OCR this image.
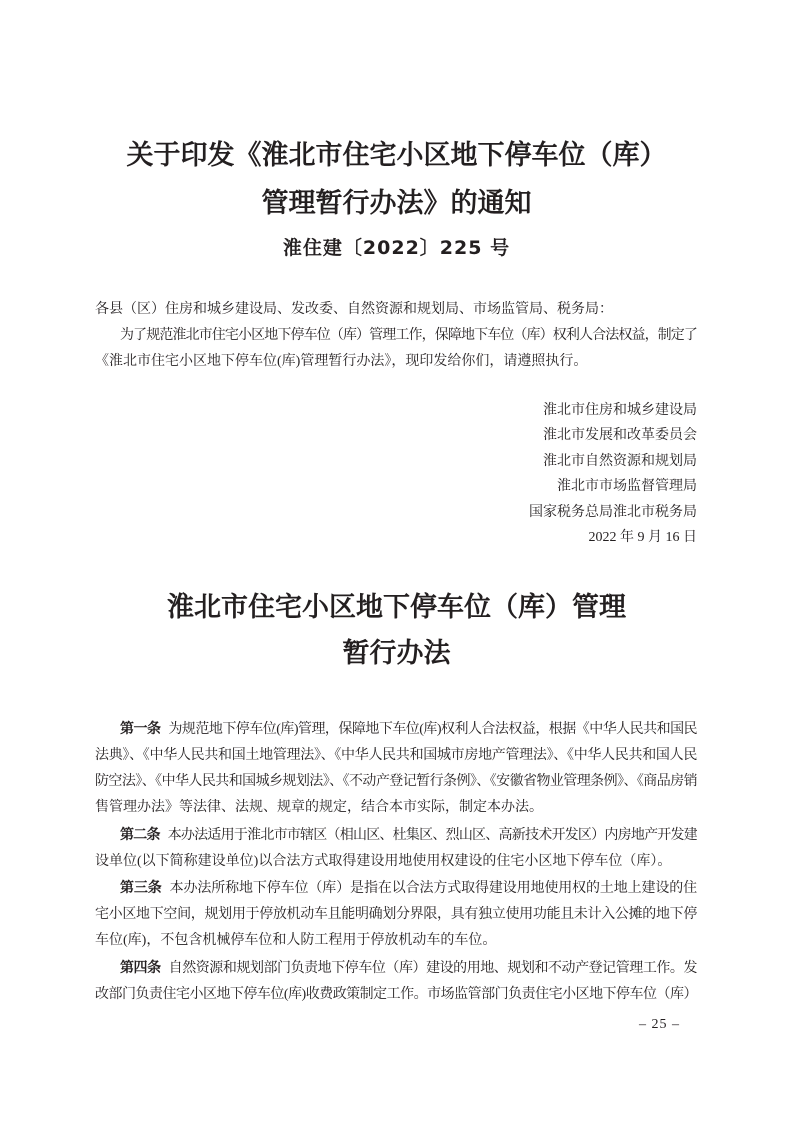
关于印发《淮北市住宅小区地下停车位（库）
管理暂行办法》的通知
淮住建〔2022〕225 号
各县（区）住房和城乡建设局、发改委、自然资源和规划局、市场监管局、税务局：
为了规范淮北市住宅小区地下停车位（库）管理工作，保障地下车位（库）权利人合法权益，制定了
《淮北市住宅小区地下停车位(库)管理暂行办法》，现印发给你们，请遵照执行。
淮北市住房和城乡建设局
淮北市发展和改革委员会
淮北市自然资源和规划局
淮北市市场监督管理局
国家税务总局淮北市税务局
2022 年 9 月 16 日
淮北市住宅小区地下停车位（库）管理
暂行办法
第一条 为规范地下停车位(库)管理，保障地下车位(库)权利人合法权益，根据《中华人民共和国民
法典》、《中华人民共和国土地管理法》、《中华人民共和国城市房地产管理法》、《中华人民共和国人民
防空法》、《中华人民共和国城乡规划法》、《不动产登记暂行条例》、《安徽省物业管理条例》、《商品房销
售管理办法》等法律、法规、规章的规定，结合本市实际，制定本办法。
第二条 本办法适用于淮北市市辖区（相山区、杜集区、烈山区、高新技术开发区）内房地产开发建
设单位(以下简称建设单位)以合法方式取得建设用地使用权建设的住宅小区地下停车位（库）。
第三条 本办法所称地下停车位（库）是指在以合法方式取得建设用地使用权的土地上建设的住
宅小区地下空间，规划用于停放机动车且能明确划分界限，具有独立使用功能且未计入公摊的地下停
车位(库)，不包含机械停车位和人防工程用于停放机动车的车位。
第四条 自然资源和规划部门负责地下停车位（库）建设的用地、规划和不动产登记管理工作。发
改部门负责住宅小区地下停车位(库)收费政策制定工作。市场监管部门负责住宅小区地下停车位（库）
– 25 –
